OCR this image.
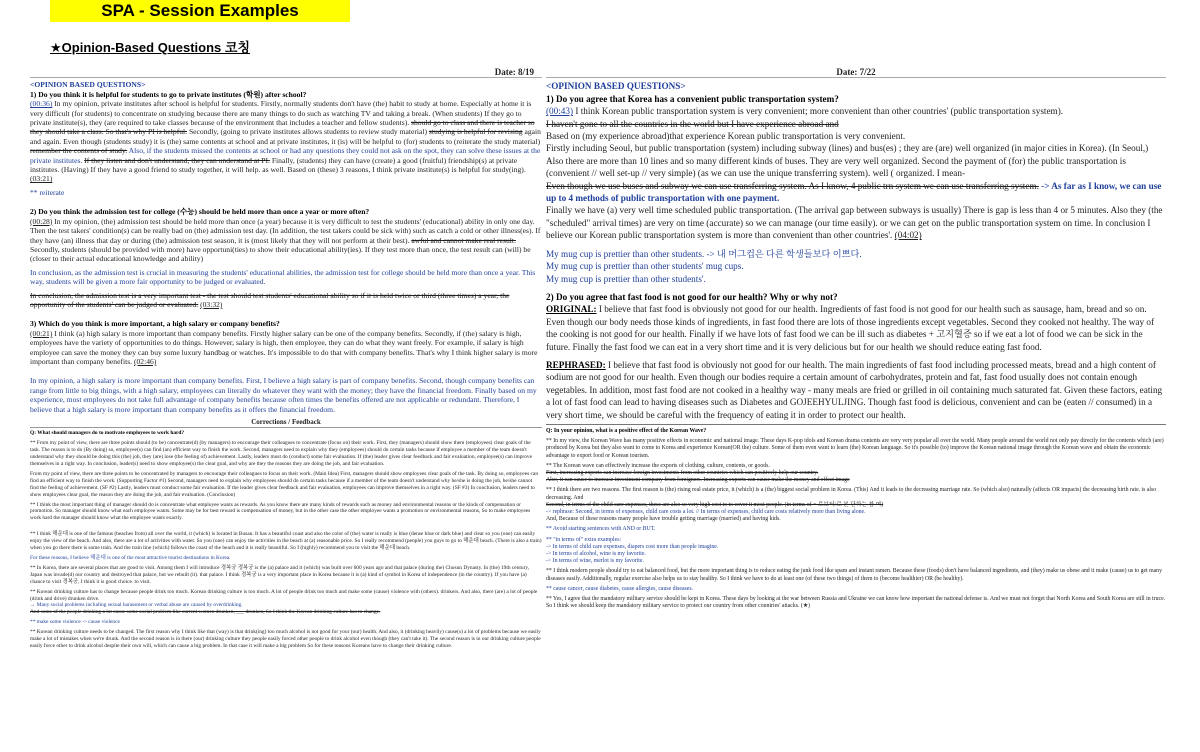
SPA - Session Examples
★Opinion-Based Questions 코칭
Date: 8/19
<OPINION BASED QUESTIONS>
1) Do you think it is helpful for students to go to private institutes (학원) after school?

(00:36) In my opinion, private institutes after school is helpful for students. Firstly, normally students don't have (the) habit to study at home. Especially at home it is very difficult (for students) to concentrate on studying because there are many things to do such as watching TV and taking a break. (When students) If they go to private institute(s), they (are required to take classes because of the environment that includes a teacher and fellow students). should go to class and there is teacher so they should take a class. So that's why PI is helpful. Secondly, (going to private institutes allows students to review study material) studying is helpful for revising again and again. Even though (students study) it is (the) same contents at school and at private institutes, it (is) will be helpful to (for) students to (reiterate the study material) remember the contents of study. Also, if the students missed the contents at school or had any questions they could not ask on the spot, they can solve these issues at the private institutes. If they listen and don't understand, they can understand at PI. Finally, (students) they can have (create) a good (fruitful) friendship(s) at private institutes. (Having) If they have a good friend to study together, it will help. as well. Based on (these) 3 reasons, I think private institute(s) is helpful for study(ing). (03:21)

** reiterate

2) Do you think the admission test for college (수능) should be held more than once a year or more often?

(00:28) In my opinion, (the) admission test should be held more than once (a year) because it is very difficult to test the students' (educational) ability in only one day. Then the test takers' condition(s) can be really bad on (the) admission test day. (In addition, the test takers could be sick with) such as catch a cold or other illness(es). If they have (an) illness that day or during (the) admission test season, it is (most likely that they will not perform at their best). awful and cannot make real result. Secondly, students (should be provided with more) have opportuni(ties) to show their educational ability(ies). If they test more than once, the test result can (will) be (closer to their actual educational knowledge and ability)

In conclusion, as the admission test is crucial in measuring the students' educational abilities, the admission test for college should be held more than once a year. This way, students will be given a more fair opportunity to be judged or evaluated.

In conclusion, the admission test is a very important test - the test should test students' educational ability so if it is held twice or third (three times) a year, the opportunity of the students' can be judged or evaluated. (03:32)

3) Which do you think is more important, a high salary or company benefits?

(00:21) I think (a) high salary is more important than company benefits. Firstly higher salary can be one of the company benefits. Secondly, if (the) salary is high, employees have the variety of opportunities to do things. However, salary is high, then employee, they can do what they want freely. For example, if salary is high employee can save the money they can buy some luxury handbag or watches. It's impossible to do that with company benefits. That's why I think higher salary is more important than company benefits. (02:46)

In my opinion, a high salary is more important than company benefits. First, I believe a high salary is part of company benefits. Second, though company benefits can range from little to big things, with a high salary, employees can literally do whatever they want with the money; they have the financial freedom. Finally based on my experience, most employees do not take full advantage of company benefits because often times the benefits offered are not applicable or redundant. Therefore, I believe that a high salary is more important than company benefits as it offers the financial freedom.

Corrections / Feedback

Q: What should managers do to motivate employees to work hard?

** From my point of view, there are three points should (to be) concentrate(d) (by managers) to encourage their colleagues to concentrate (focus on) their work. First, they (managers) should show them (employees) clear goals of the task. The reason is to do (By doing) so, employee(s) can find (an) efficient way to finish the work. Second, managers need to explain why they (employees) should do certain tasks because if employee a member of the team doesn't understand why they should be doing this (the) job, they (are) lose (the feeling of) achievement. Lastly, leaders must do (conduct) some fair evaluation. If (the) leader gives clear feedback and fair evaluation, employee(s) can improve themselves in a right way. In conclusion, leader(s) need to show employee(s) the clear goal, and why are they the reasons they are doing the job, and fair evaluation.

From my point of view, there are three points to be concentrated by managers to encourage their colleagues to focus on their work. (Main Idea) First, managers should show employees clear goals of the task. By doing so, employees can find an efficient way to finish the work. (Supporting Factor #1) Second, managers need to explain why employees should do certain tasks because if a member of the team doesn't understand why he/she is doing the job, he/she cannot find the feeling of achievement. (SF #2) Lastly, leaders must conduct some fair evaluation. If the leader gives clear feedback and fair evaluation, employees can improve themselves in a right way. (SF #3) In conclusion, leaders need to show employees clear goal, the reason they are doing the job, and fair evaluation. (Conclusion)

** I think the most important thing of manager should do is concentrate what employee wants as rewards. As you know there are many kinds of rewards such as money and environmental reasons or the kinds of compensation or promotion. So manager should know what each employee wants. Some may be for best reward is compensation of money, but in the other case the other employee wants a promotion or environmental reasons, So to make employees work hard the manager should know what the employee wants exactly.

** I think 해운대 is one of the famous (beaches from) all over the world, it (which) is located in Busan. It has a beautiful coast and also the color of (the) water is really is blue (dense blue or dark blue) and clear so you (one) can easily enjoy the view of the beach. And also, there are a lot of activities with water. So you (one) can enjoy the activities in the beach at (a) reasonable price. So I really recommend (people) you guys to go to 해운대 beach. (There is also a train) when you go there there is some train. And the train line (which) follows the coast of the beach and it is really beautiful. So I (highly) recommend you to visit the 해운대 beach.

For these reasons, I believe 해운대 is one of the most attractive tourist destinations in Korea.

** In Korea, there are several places that are good to visit. Among them I will introduce 경복궁 경복궁 is the (a) palace and it (which) was built over 600 years ago and that palace (during the) Chosun Dynasty. In (the) 19th century, Japan was invade(d) our country and destroyed that palace, but we rebuilt (it). that palace. I think 경복궁 is a very important place in Korea because it is (a) kind of symbol in Korea of independence (in the country). If you have (a) chance to visit 경복궁, I think it is good choice. to visit.

** Korean drinking culture has to change because people drink too much. Korean drinking culture is too much. A lot of people drink too much and make some (cause) violence with (others). drinkers. And also, there (are) a lot of people (drink and drive) drunken drive.
→ Many social problems including sexual harassment or verbal abuse are caused by overdrinking.
And some of the people drinking a lot cause some social problem like current women drunken, ___ drunken, So I think the Korean drinking culture has to change.

** make some violence -> cause violence

** Korean drinking culture needs to be changed. The first reason why I think like that (way) is that drink(ing) too much alcohol is not good for your (our) health. And also, it (drinking heavily) cause(s) a lot of problems because we easily make a lot of mistakes when we're drunk. And the second reason is in there (our) drinking culture they people easily forced other people to drink alcohol even though (they can't take it). The second reason is in our drinking culture people easily force other to drink alcohol despite their own will, which can cause a big problem. In that case it will make a big problem So for these reasons Koreans have to change their drinking culture.

Date: 7/22
<OPINION BASED QUESTIONS>
1) Do you agree that Korea has a convenient public transportation system?
(00:43) I think Korean public transportation system is very convenient; more convenient than other countries' (public transportation system).
I haven't gone to all the countries in the world but I have experience abroad and
Based on (my experience abroad)that experience Korean public transportation is very convenient.
Firstly including Seoul, but public transportation (system) including subway (lines) and bus(es) ; they are (are) well organized (in major cities in Korea). (In Seoul,) Also there are more than 10 lines and so many different kinds of buses. They are very well organized. Second the payment of (for) the public transportation is (convenient // well set-up // very simple) (as we can use the unique transferring system). well ( organized. I mean-
Even though we use buses and subway we can use transferring system. As I know, 4 public trn system we can use transferring system. -> As far as I know, we can use up to 4 methods of public transportation with one payment.
Finally we have (a) very well time scheduled public transportation. (The arrival gap between subways is usually) There is gap is less than 4 or 5 minutes. Also they (the "scheduled" arrival times) are very on time (accurate) so we can manage (our time easily). or we can get on the public transportation system on time. In conclusion I believe our Korean public transportation system is more than convenient than other countries'. (04:02)
My mug cup is prettier than other students. -> 내 머그컵은 다른 학생들보다 이쁘다.
My mug cup is prettier than other students' mug cups.
My mug cup is prettier than other students'.
2) Do you agree that fast food is not good for our health? Why or why not?
ORIGINAL: I believe that fast food is obviously not good for our health. Ingredients of fast food is not good for our health such as sausage, ham, bread and so on. Even though our body needs those kinds of ingredients, in fast food there are lots of those ingredients except vegetables. Second they cooked not healthy. The way of the cooking is not good for our health. Finally if we have lots of fast food we can be ill such as diabetes + 고지혈증 so if we eat a lot of food we can be sick in the future. Finally the fast food we can eat in a very short time and it is very delicious but for our health we should reduce eating fast food.
REPHRASED: I believe that fast food is obviously not good for our health. The main ingredients of fast food including processed meats, bread and a high content of sodium are not good for our health. Even though our bodies require a certain amount of carbohydrates, protein and fat, fast food usually does not contain enough vegetables. In addition, most fast food are not cooked in a healthy way - many meals are fried or grilled in oil containing much saturated fat. Given these factors, eating a lot of fast food can lead to having diseases such as Diabetes and GOJEEHYULJING. Though fast food is delicious, convenient and can be (eaten // consumed) in a very short time, we should be careful with the frequency of eating it in order to protect our health.

Q: In your opinion, what is a positive effect of the Korean Wave?

** In my view, the Korean Wave has many positive effects in economic and national image. These days K-pop idols and Korean drama contents are very very popular all over the world. Many people around the world not only pay directly for the contents which (are) produced by Korea but they also want to come to Korea and experience Korean(OR the) culture. Some of them even want to learn (the) Korean language. So it's possible (to) improve the Korean national image through the Korean wave and obtain the economic advantage to export food or Korean tourism.

** The Korean wave can effectively increase the exports of clothing, culture, contents, or goods.
First, increasing exports can increase foreign investments from other countries which can positively help our country.
Also, it can cause to increase investment company from foreigners. Increasing exports can cause make the money and effect image

** I think there are two reasons. The first reason is (the) rising real estate price, it (which) is a (the) biggest social problem in Korea. (This) And it leads to the decreasing marriage rate. So (which also) naturally (affects OR impacts) the decreasing birth rate. is also decreasing. And
Second, in terms of the child care expenses, these are also so very high cost to to cover it most people. (in terms of = 로보터/로 본 단하는 참 여)
-> rephrase: Second, in terms of expenses, child care costs a lot. // In terms of expenses, child care costs relatively more than living alone.
And, Because of these reasons many people have trouble getting marriage (married) and having kids.

** Avoid starting sentences with AND or BUT.

** "in terms of" extra examples:
-> In terms of child care expenses, diapers cost more than people imagine.
-> In terms of alcohol, wine is my favorite.
-> In terms of wine, merlot is my favorite.

** I think modern people should try to eat balanced food, but the more important thing is to reduce eating the junk food like spam and instant ramen. Because these (foods) don't have balanced ingredients, and (they) make us obese and it make (cause) us to get many diseases easily. Additionally, regular exercise also helps us to stay healthy. So I think we have to do at least one (of these two things) of them to (become healthier) OR (be healthy).

** cause cancer, cause diabetes, cause allergies, cause diseases.

** Yes, I agree that the mandatory military service should be kept in Korea. These days by looking at the war between Russia and Ukraine we can know how important the national defense is. And we must not forget that North Korea and South Korea are still in truce. So I think we should keep the mandatory military service to protect our country from other countries' attacks. (★)
